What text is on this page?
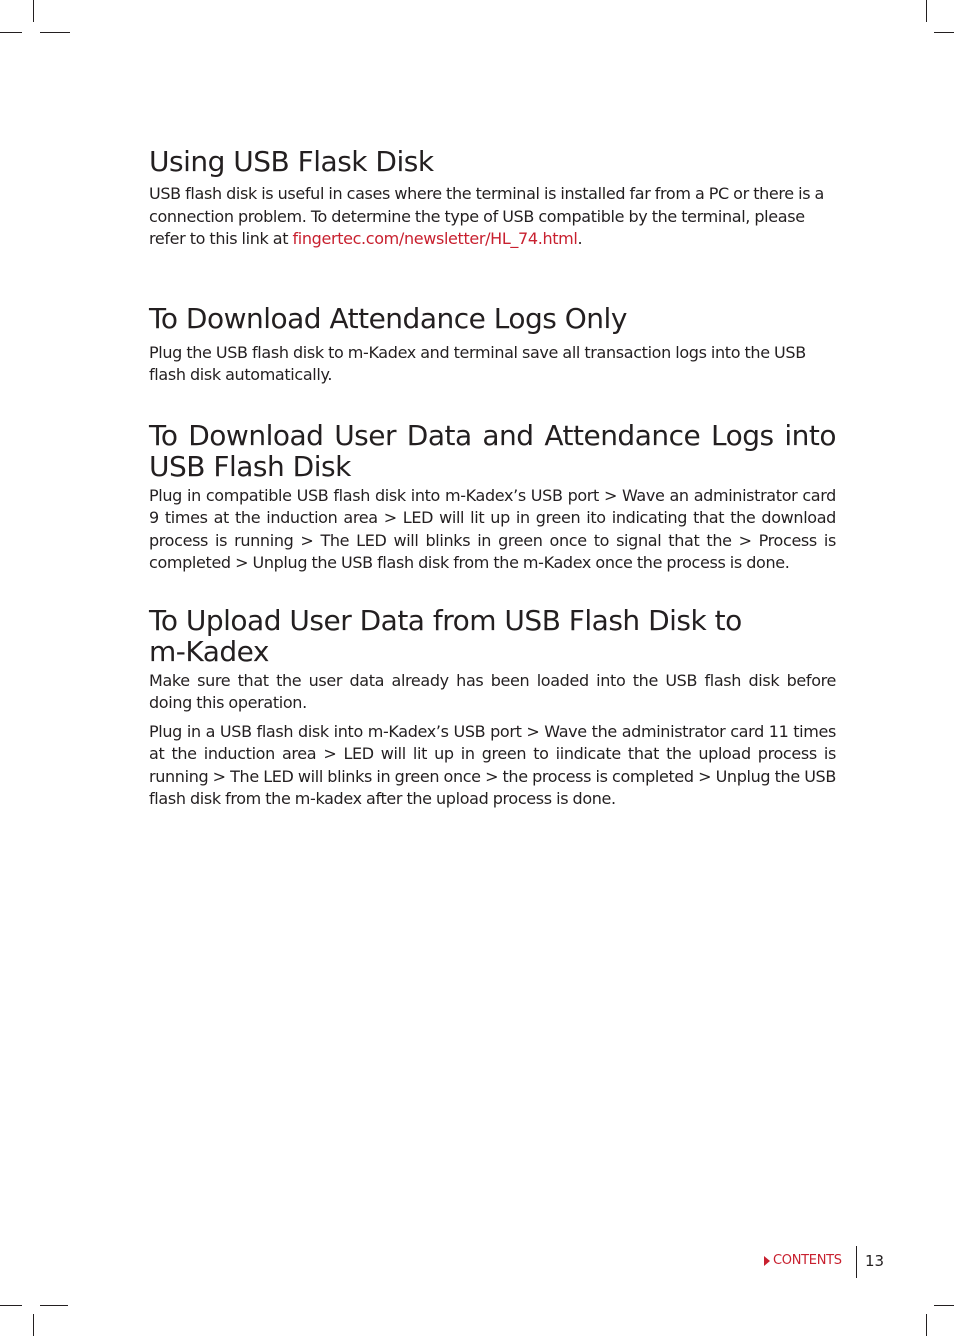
Using USB Flask Disk

USB flash disk is useful in cases where the terminal is installed far from a PC or there is a connection problem. To determine the type of USB compatible by the terminal, please refer to this link at fingertec.com/newsletter/HL_74.html.

To Download Attendance Logs Only

Plug the USB flash disk to m-Kadex and terminal save all transaction logs into the USB flash disk automatically.

To Download User Data and Attendance Logs into USB Flash Disk

Plug in compatible USB flash disk into m-Kadex’s USB port > Wave an administrator card 9 times at the induction area > LED will lit up in green ito indicating that the download process is running > The LED will blinks in green once to signal that the > Process is completed > Unplug the USB flash disk from the m-Kadex once the process is done.

To Upload User Data from USB Flash Disk to
m-Kadex

Make sure that the user data already has been loaded into the USB flash disk before doing this operation.

Plug in a USB flash disk into m-Kadex’s USB port > Wave the administrator card 11 times at the induction area > LED will lit up in green to iindicate that the upload process is running > The LED will blinks in green once > the process is completed > Unplug the USB flash disk from the m-kadex after the upload process is done.

CONTENTS 13
